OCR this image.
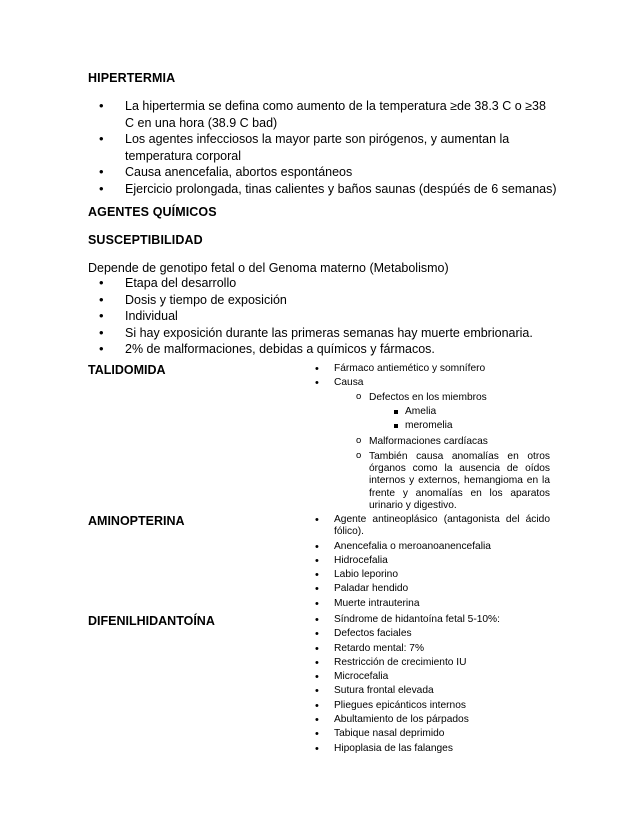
HIPERTERMIA
• La hipertermia se defina como aumento de la temperatura ≥de 38.3 C o ≥38 C en una hora (38.9 C bad)
• Los agentes infecciosos la mayor parte son pirógenos, y aumentan la temperatura corporal
• Causa anencefalia, abortos espontáneos
• Ejercicio prolongada, tinas calientes y baños saunas (despúés de 6 semanas)
AGENTES QUÍMICOS
SUSCEPTIBILIDAD
Depende de genotipo fetal o del Genoma materno (Metabolismo)
• Etapa del desarrollo
• Dosis y tiempo de exposición
• Individual
• Si hay exposición durante las primeras semanas hay muerte embrionaria.
• 2% de malformaciones, debidas a químicos y fármacos.
TALIDOMIDA	• Fármaco antiemético y somnífero
• Causa
o Defectos en los miembros
Amelia
meromelia
o Malformaciones cardíacas
o También causa anomalías en otros órganos como la ausencia de oídos internos y externos, hemangioma en la frente y anomalías en los aparatos urinario y digestivo.
AMINOPTERINA	• Agente antineoplásico (antagonista del ácido fólico).
• Anencefalia o meroanoanencefalia
• Hidrocefalia
• Labio leporino
• Paladar hendido
• Muerte intrauterina
DIFENILHIDANTOÍNA	• Síndrome de hidantoína fetal 5-10%:
• Defectos faciales
• Retardo mental: 7%
• Restricción de crecimiento IU
• Microcefalia
• Sutura frontal elevada
• Pliegues epicánticos internos
• Abultamiento de los párpados
• Tabique nasal deprimido
• Hipoplasia de las falanges
